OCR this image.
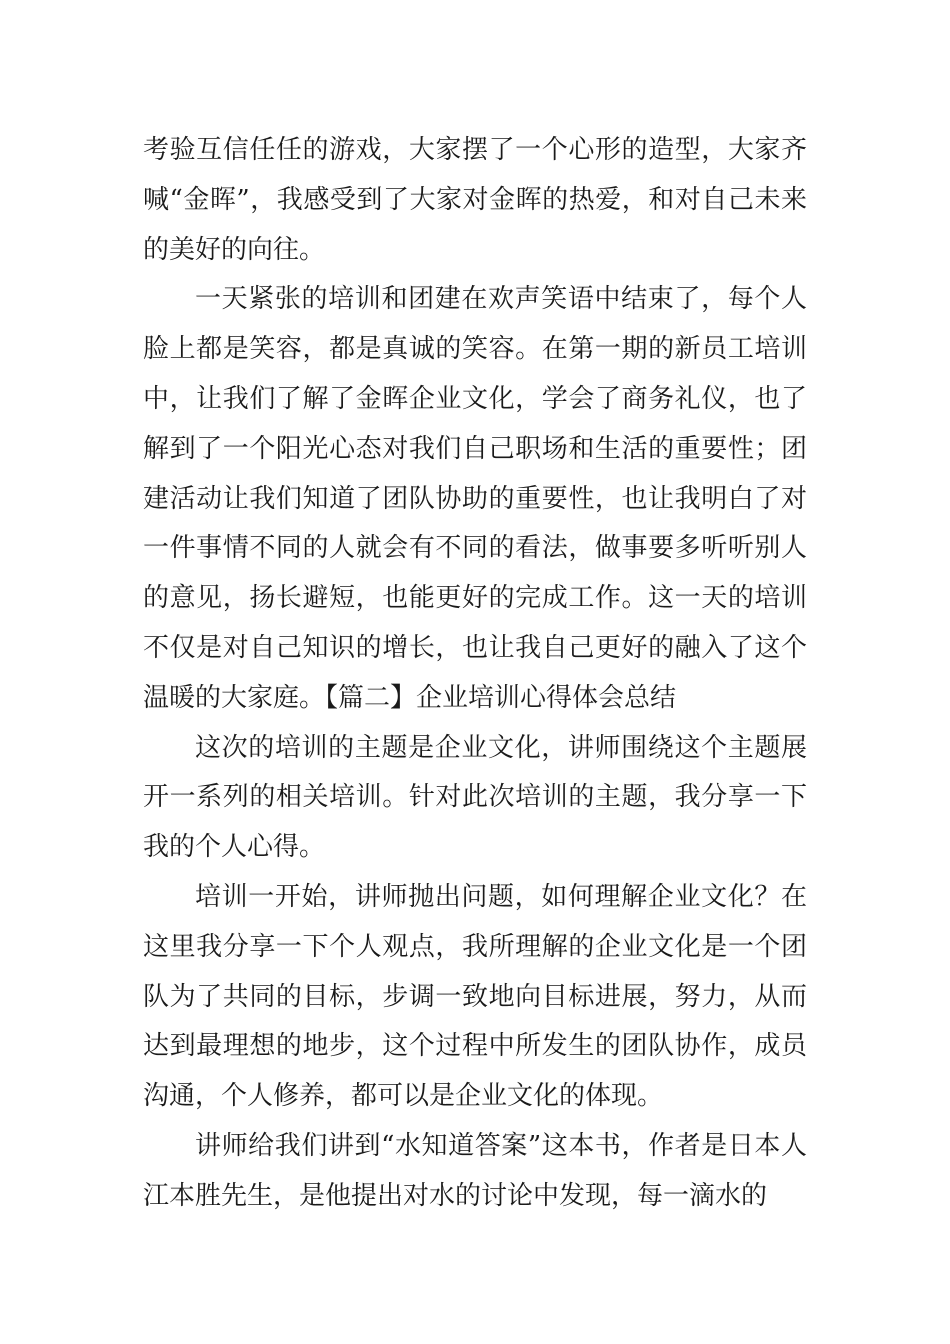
考验互信任任的游戏，大家摆了一个心形的造型，大家齐喊“金晖”，我感受到了大家对金晖的热爱，和对自己未来的美好的向往。

一天紧张的培训和团建在欢声笑语中结束了，每个人脸上都是笑容，都是真诚的笑容。在第一期的新员工培训中，让我们了解了金晖企业文化，学会了商务礼仪，也了解到了一个阳光心态对我们自己职场和生活的重要性；团建活动让我们知道了团队协助的重要性，也让我明白了对一件事情不同的人就会有不同的看法，做事要多听听别人的意见，扬长避短，也能更好的完成工作。这一天的培训不仅是对自己知识的增长，也让我自己更好的融入了这个温暖的大家庭。【篇二】企业培训心得体会总结

这次的培训的主题是企业文化，讲师围绕这个主题展开一系列的相关培训。针对此次培训的主题，我分享一下我的个人心得。

培训一开始，讲师抛出问题，如何理解企业文化？在这里我分享一下个人观点，我所理解的企业文化是一个团队为了共同的目标，步调一致地向目标进展，努力，从而达到最理想的地步，这个过程中所发生的团队协作，成员沟通，个人修养，都可以是企业文化的体现。

讲师给我们讲到“水知道答案”这本书，作者是日本人江本胜先生，是他提出对水的讨论中发现，每一滴水的
